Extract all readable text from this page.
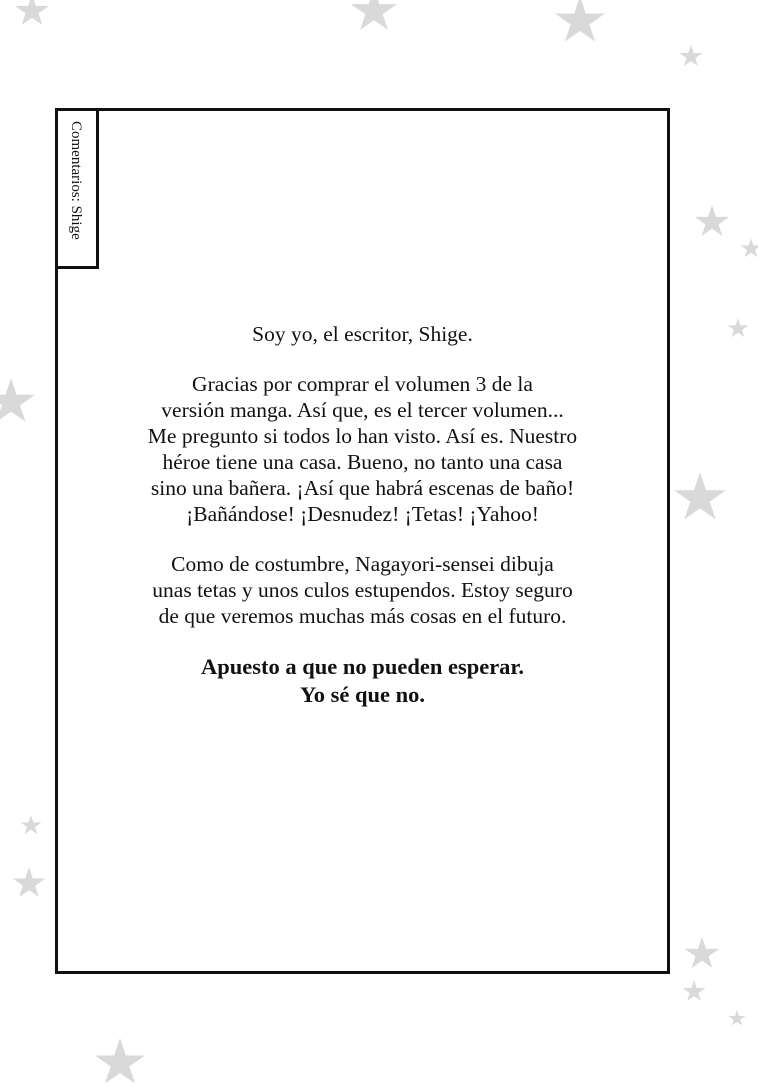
Comentarios: Shige

Soy yo, el escritor, Shige.

Gracias por comprar el volumen 3 de la
versión manga. Así que, es el tercer volumen...
Me pregunto si todos lo han visto. Así es. Nuestro
héroe tiene una casa. Bueno, no tanto una casa
sino una bañera. ¡Así que habrá escenas de baño!
¡Bañándose! ¡Desnudez! ¡Tetas! ¡Yahoo!

Como de costumbre, Nagayori-sensei dibuja
unas tetas y unos culos estupendos. Estoy seguro
de que veremos muchas más cosas en el futuro.

Apuesto a que no pueden esperar.
Yo sé que no.
